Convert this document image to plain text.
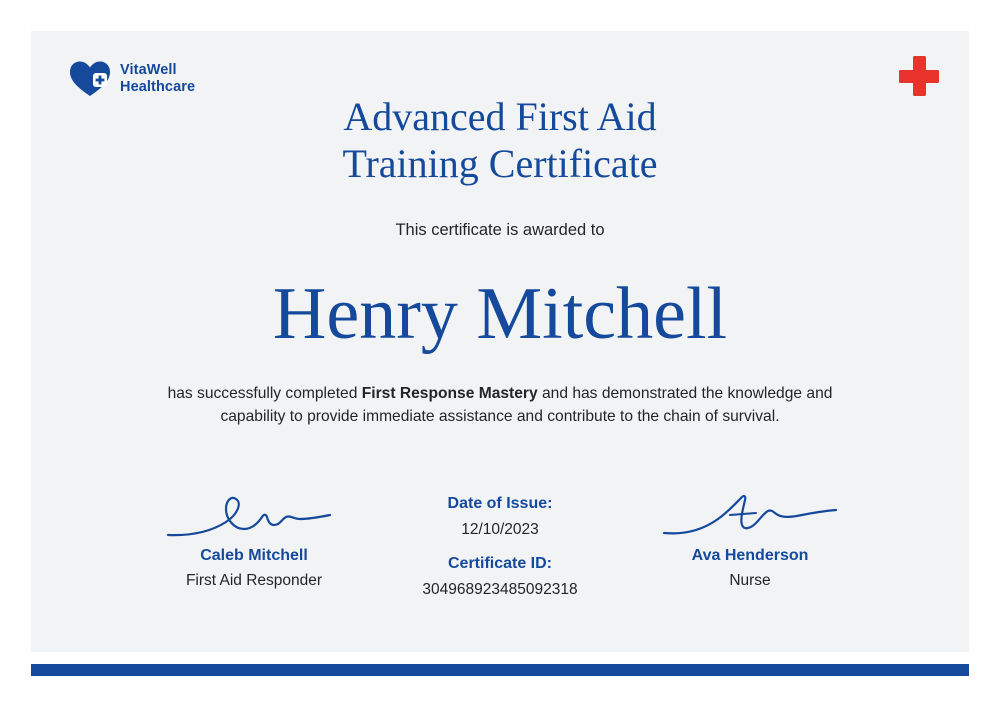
VitaWell
Healthcare
Advanced First Aid
Training Certificate
This certificate is awarded to
Henry Mitchell
has successfully completed First Response Mastery and has demonstrated the knowledge and capability to provide immediate assistance and contribute to the chain of survival.
Caleb Mitchell
First Aid Responder
Date of Issue:
12/10/2023
Certificate ID:
304968923485092318
Ava Henderson
Nurse
